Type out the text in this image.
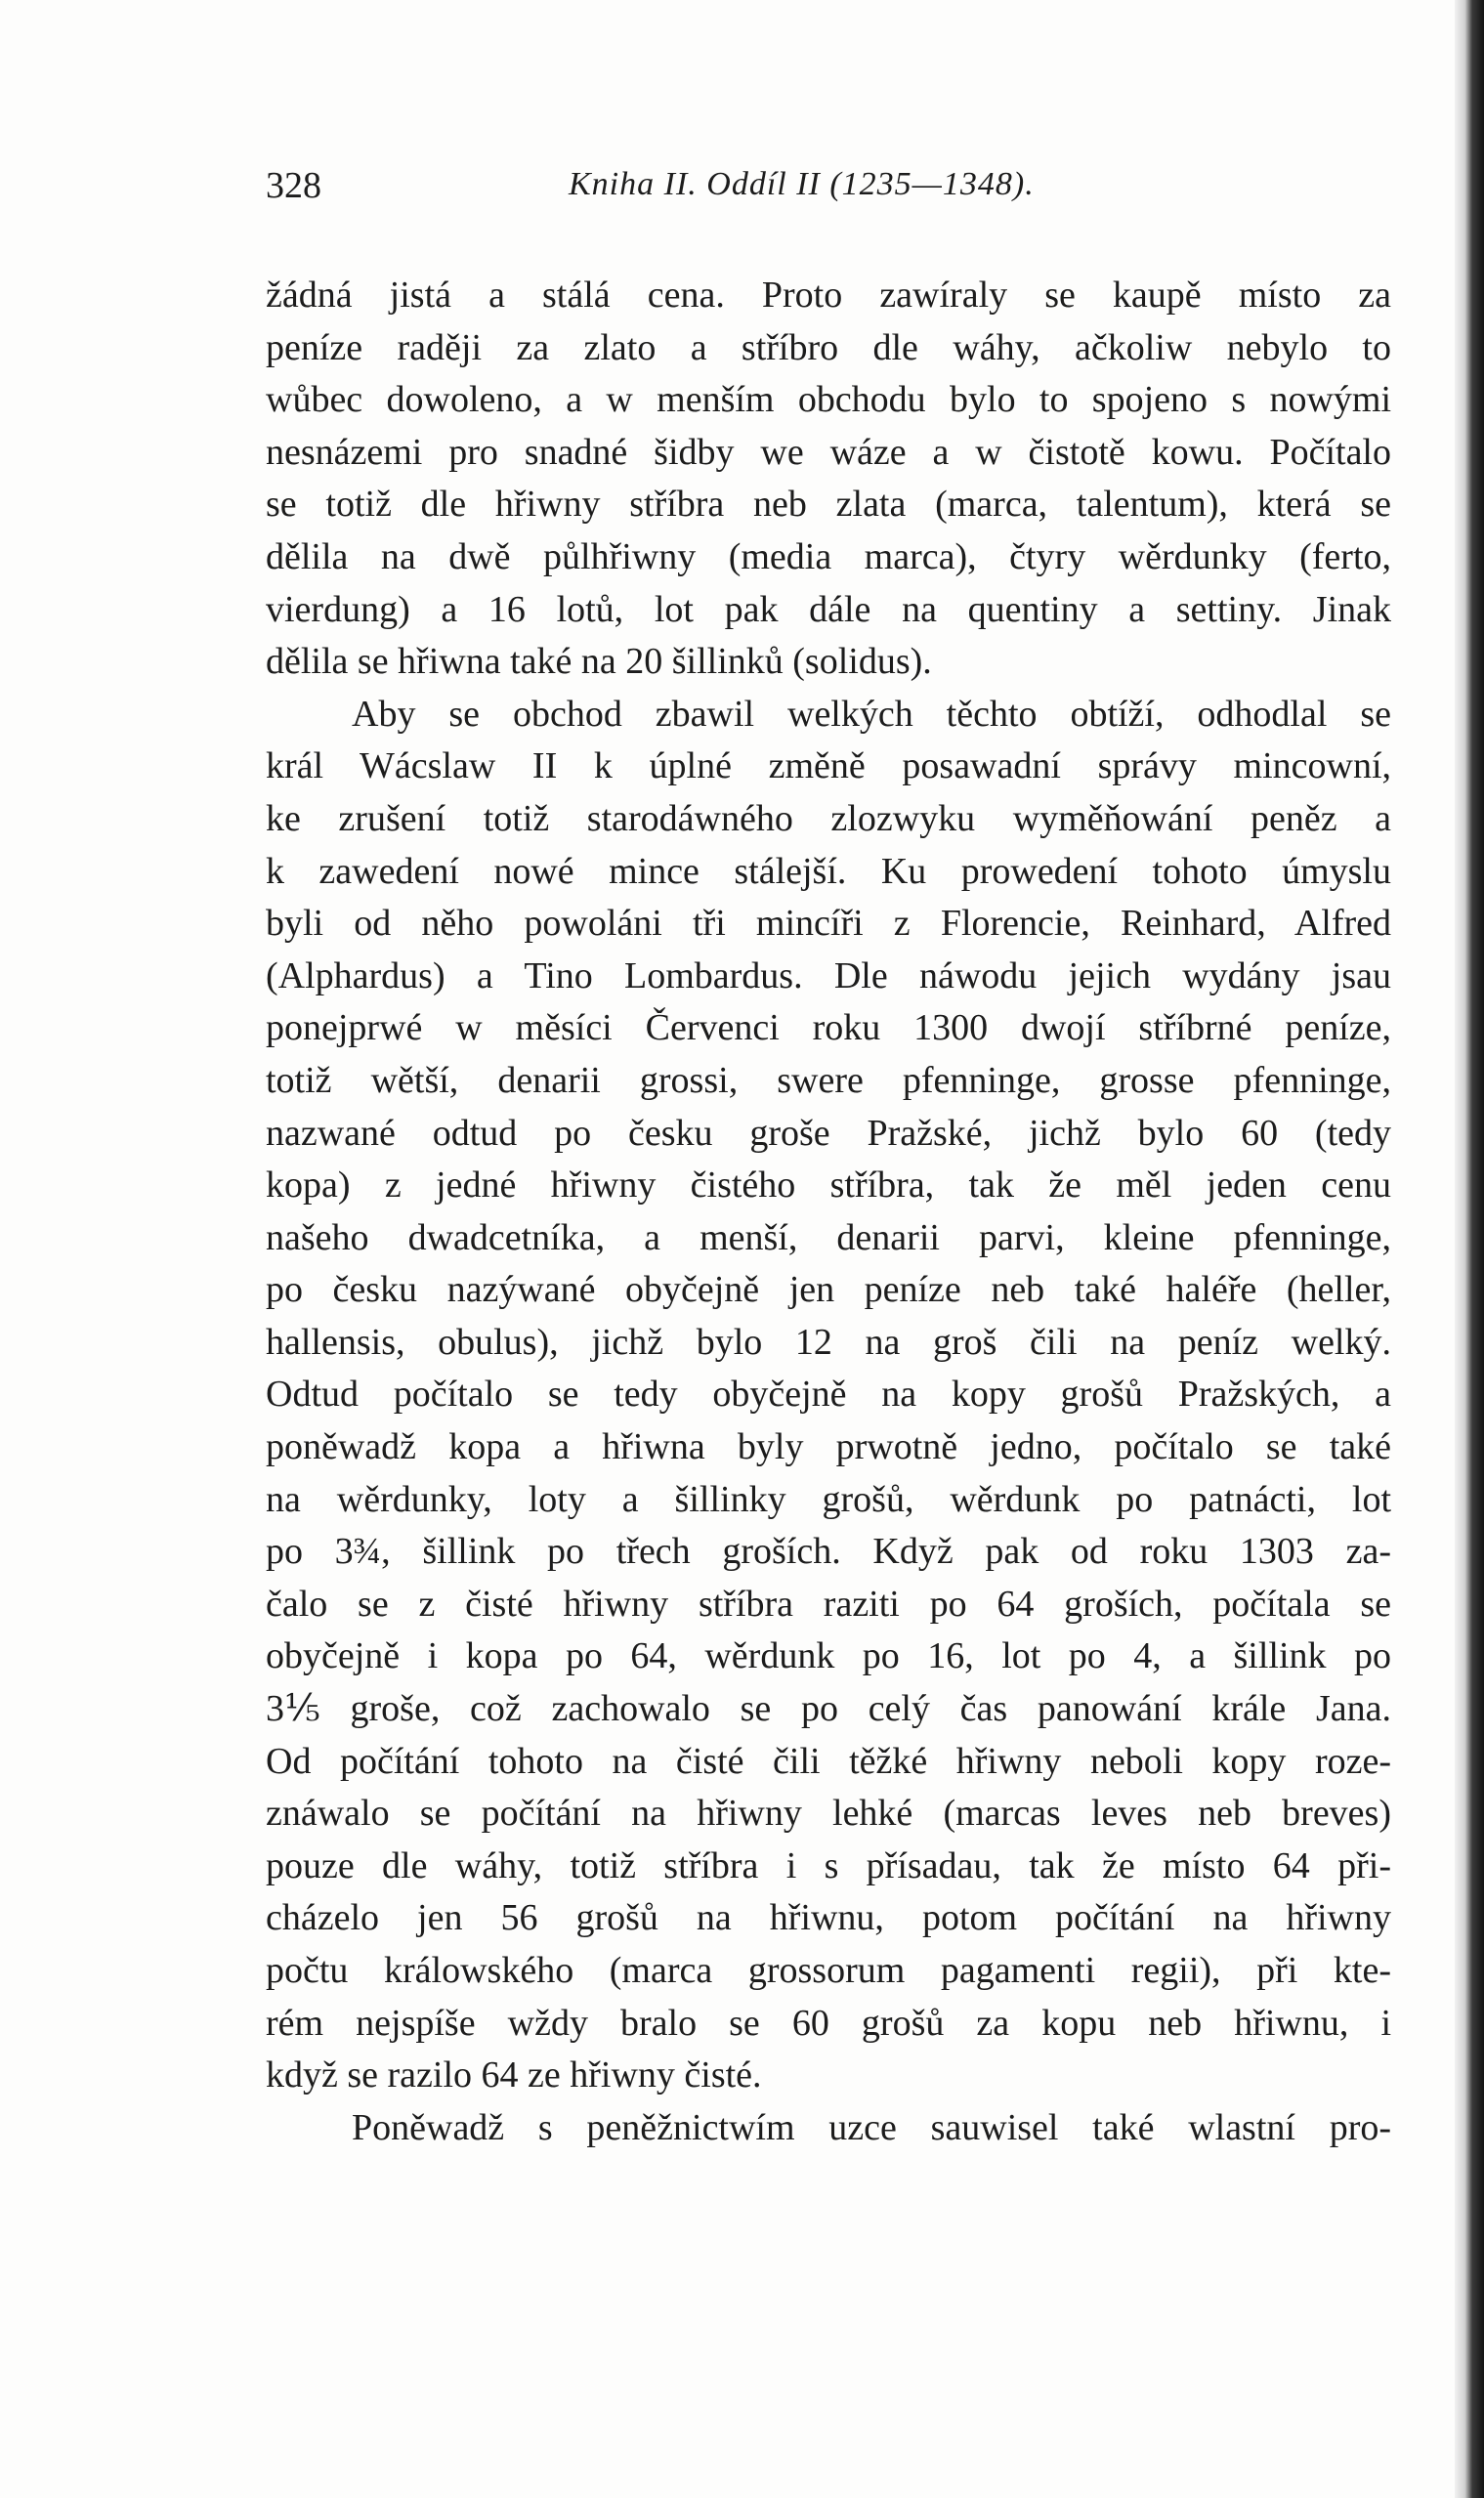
328	Kniha II. Oddíl II (1235—1348).
žádná jistá a stálá cena. Proto zawíraly se kaupě místo za
peníze raději za zlato a stříbro dle wáhy, ačkoliw nebylo to
wůbec dowoleno, a w menším obchodu bylo to spojeno s nowými
nesnázemi pro snadné šidby we wáze a w čistotě kowu. Počítalo
se totiž dle hřiwny stříbra neb zlata (marca, talentum), která se
dělila na dwě půlhřiwny (media marca), čtyry wěrdunky (ferto,
vierdung) a 16 lotů, lot pak dále na quentiny a settiny. Jinak
dělila se hřiwna také na 20 šillinků (solidus).
Aby se obchod zbawil welkých těchto obtíží, odhodlal se
král Wácslaw II k úplné změně posawadní správy mincowní,
ke zrušení totiž starodáwného zlozwyku wyměňowání peněz a
k zawedení nowé mince stálejší. Ku prowedení tohoto úmyslu
byli od něho powoláni tři mincíři z Florencie, Reinhard, Alfred
(Alphardus) a Tino Lombardus. Dle náwodu jejich wydány jsau
ponejprwé w měsíci Červenci roku 1300 dwojí stříbrné peníze,
totiž wětší, denarii grossi, swere pfenninge, grosse pfenninge,
nazwané odtud po česku groše Pražské, jichž bylo 60 (tedy
kopa) z jedné hřiwny čistého stříbra, tak že měl jeden cenu
našeho dwadcetníka, a menší, denarii parvi, kleine pfenninge,
po česku nazýwané obyčejně jen peníze neb také haléře (heller,
hallensis, obulus), jichž bylo 12 na groš čili na peníz welký.
Odtud počítalo se tedy obyčejně na kopy grošů Pražských, a
poněwadž kopa a hřiwna byly prwotně jedno, počítalo se také
na wěrdunky, loty a šillinky grošů, wěrdunk po patnácti, lot
po 3¾, šillink po třech groších. Když pak od roku 1303 za-
čalo se z čisté hřiwny stříbra raziti po 64 groších, počítala se
obyčejně i kopa po 64, wěrdunk po 16, lot po 4, a šillink po
3⅕ groše, což zachowalo se po celý čas panowání krále Jana.
Od počítání tohoto na čisté čili těžké hřiwny neboli kopy roze-
znáwalo se počítání na hřiwny lehké (marcas leves neb breves)
pouze dle wáhy, totiž stříbra i s přísadau, tak že místo 64 při-
cházelo jen 56 grošů na hřiwnu, potom počítání na hřiwny
počtu králowského (marca grossorum pagamenti regii), při kte-
rém nejspíše wždy bralo se 60 grošů za kopu neb hřiwnu, i
když se razilo 64 ze hřiwny čisté.
Poněwadž s peněžnictwím uzce sauwisel také wlastní pro-
